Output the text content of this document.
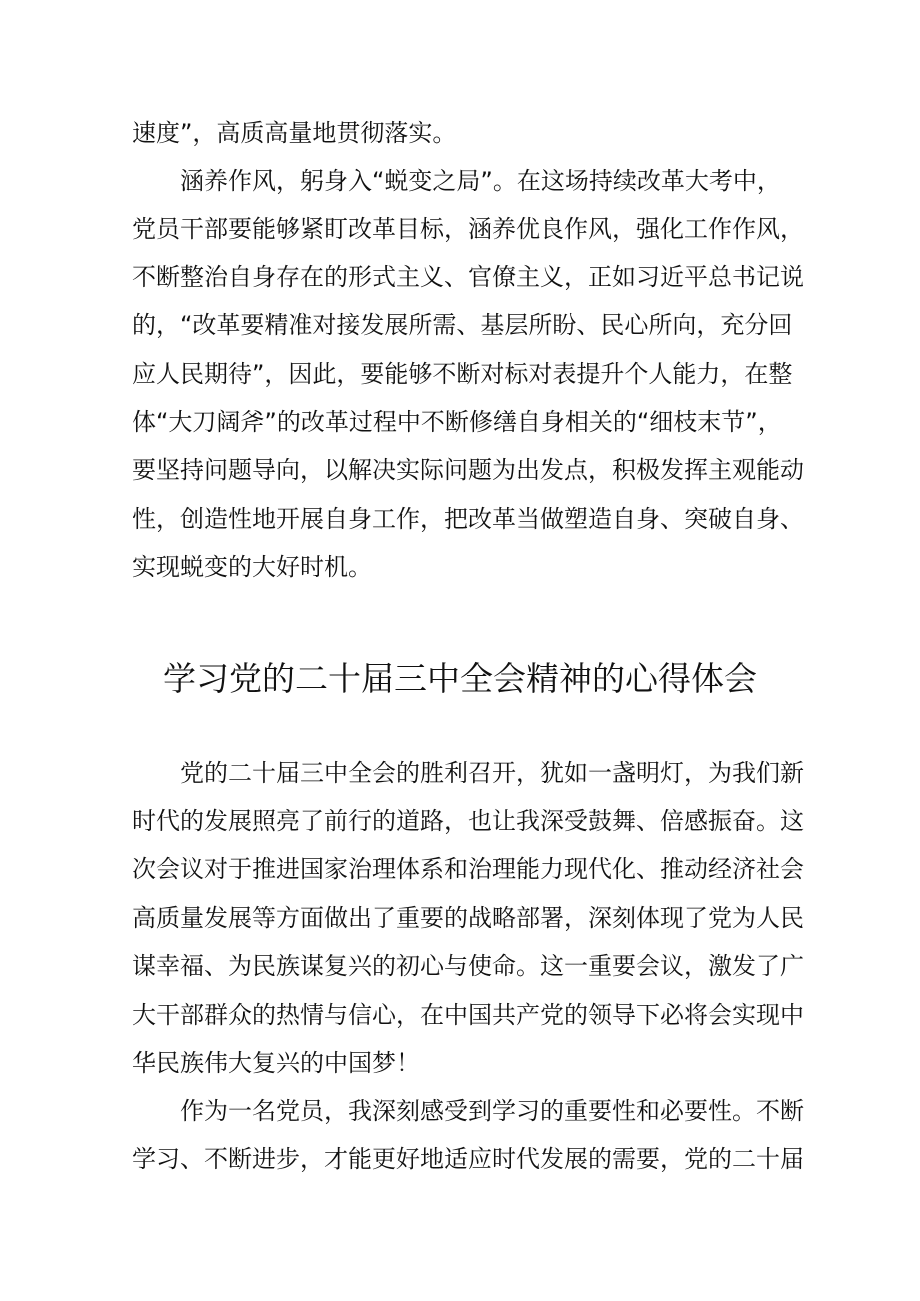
速度”，高质高量地贯彻落实。
涵养作风，躬身入“蜕变之局”。在这场持续改革大考中，
党员干部要能够紧盯改革目标，涵养优良作风，强化工作作风，
不断整治自身存在的形式主义、官僚主义，正如习近平总书记说
的，“改革要精准对接发展所需、基层所盼、民心所向，充分回
应人民期待”，因此，要能够不断对标对表提升个人能力，在整
体“大刀阔斧”的改革过程中不断修缮自身相关的“细枝末节”，
要坚持问题导向，以解决实际问题为出发点，积极发挥主观能动
性，创造性地开展自身工作，把改革当做塑造自身、突破自身、
实现蜕变的大好时机。
学习党的二十届三中全会精神的心得体会
党的二十届三中全会的胜利召开，犹如一盏明灯，为我们新
时代的发展照亮了前行的道路，也让我深受鼓舞、倍感振奋。这
次会议对于推进国家治理体系和治理能力现代化、推动经济社会
高质量发展等方面做出了重要的战略部署，深刻体现了党为人民
谋幸福、为民族谋复兴的初心与使命。这一重要会议，激发了广
大干部群众的热情与信心，在中国共产党的领导下必将会实现中
华民族伟大复兴的中国梦！
作为一名党员，我深刻感受到学习的重要性和必要性。不断
学习、不断进步，才能更好地适应时代发展的需要，党的二十届
